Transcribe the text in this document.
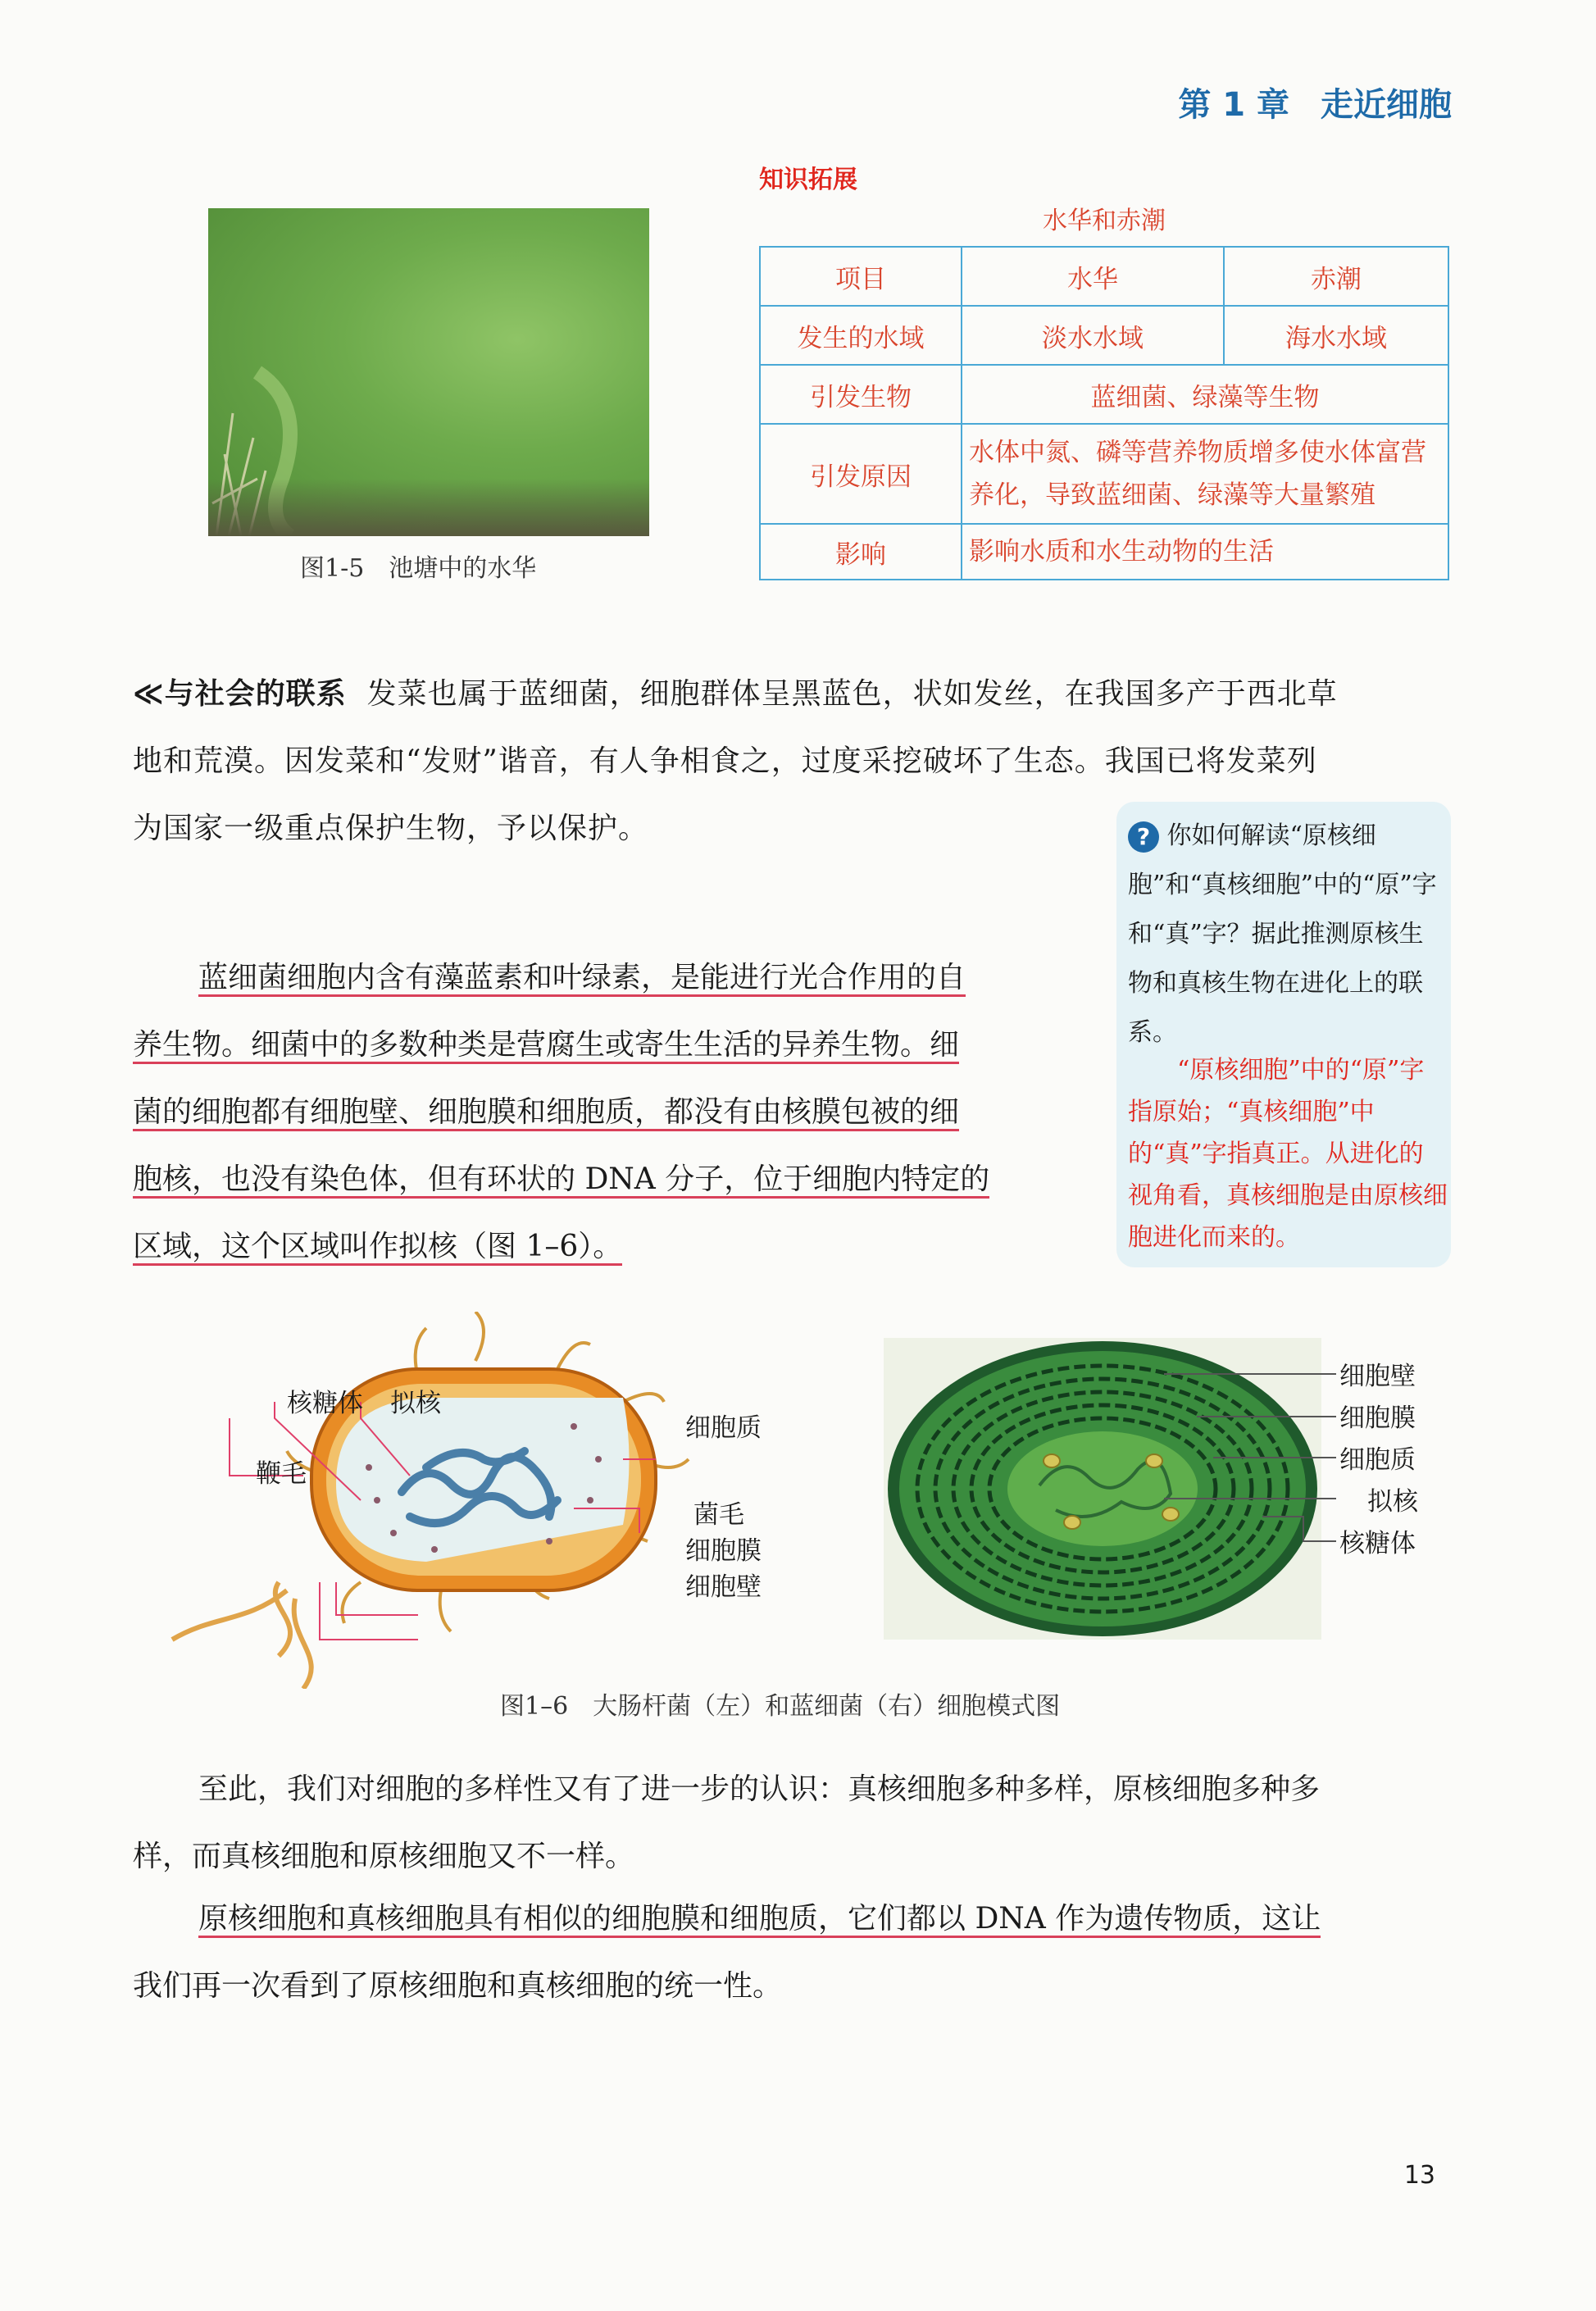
第 1 章 走近细胞
图1-5　池塘中的水华
知识拓展
水华和赤潮
项目	水华	赤潮
发生的水域	淡水水域	海水水域
引发生物	蓝细菌、绿藻等生物	
引发原因	水体中氮、磷等营养物质增多使水体富营养化，导致蓝细菌、绿藻等大量繁殖	
影响	影响水质和水生动物的生活	
≪与社会的联系 发菜也属于蓝细菌，细胞群体呈黑蓝色，状如发丝，在我国多产于西北草
地和荒漠。因发菜和“发财”谐音，有人争相食之，过度采挖破坏了生态。我国已将发菜列
为国家一级重点保护生物，予以保护。	? 你如何解读“原核细胞”和“真核细胞”中的“原”字和“真”字？据此推测原核生物和真核生物在进化上的联系。
“原核细胞”中的“原”字指原始；“真核细胞”中的“真”字指真正。从进化的视角看，真核细胞是由原核细胞进化而来的。
蓝细菌细胞内含有藻蓝素和叶绿素，是能进行光合作用的自
养生物。细菌中的多数种类是营腐生或寄生生活的异养生物。细
菌的细胞都有细胞壁、细胞膜和细胞质，都没有由核膜包被的细
胞核，也没有染色体，但有环状的 DNA 分子，位于细胞内特定的
区域，这个区域叫作拟核（图 1–6）。
核糖体 拟核
鞭毛
细胞质
菌毛
细胞膜
细胞壁
细胞壁
细胞膜
细胞质
拟核
核糖体
图1–6　大肠杆菌（左）和蓝细菌（右）细胞模式图
至此，我们对细胞的多样性又有了进一步的认识：真核细胞多种多样，原核细胞多种多
样，而真核细胞和原核细胞又不一样。
原核细胞和真核细胞具有相似的细胞膜和细胞质，它们都以 DNA 作为遗传物质，这让
我们再一次看到了原核细胞和真核细胞的统一性。
13
